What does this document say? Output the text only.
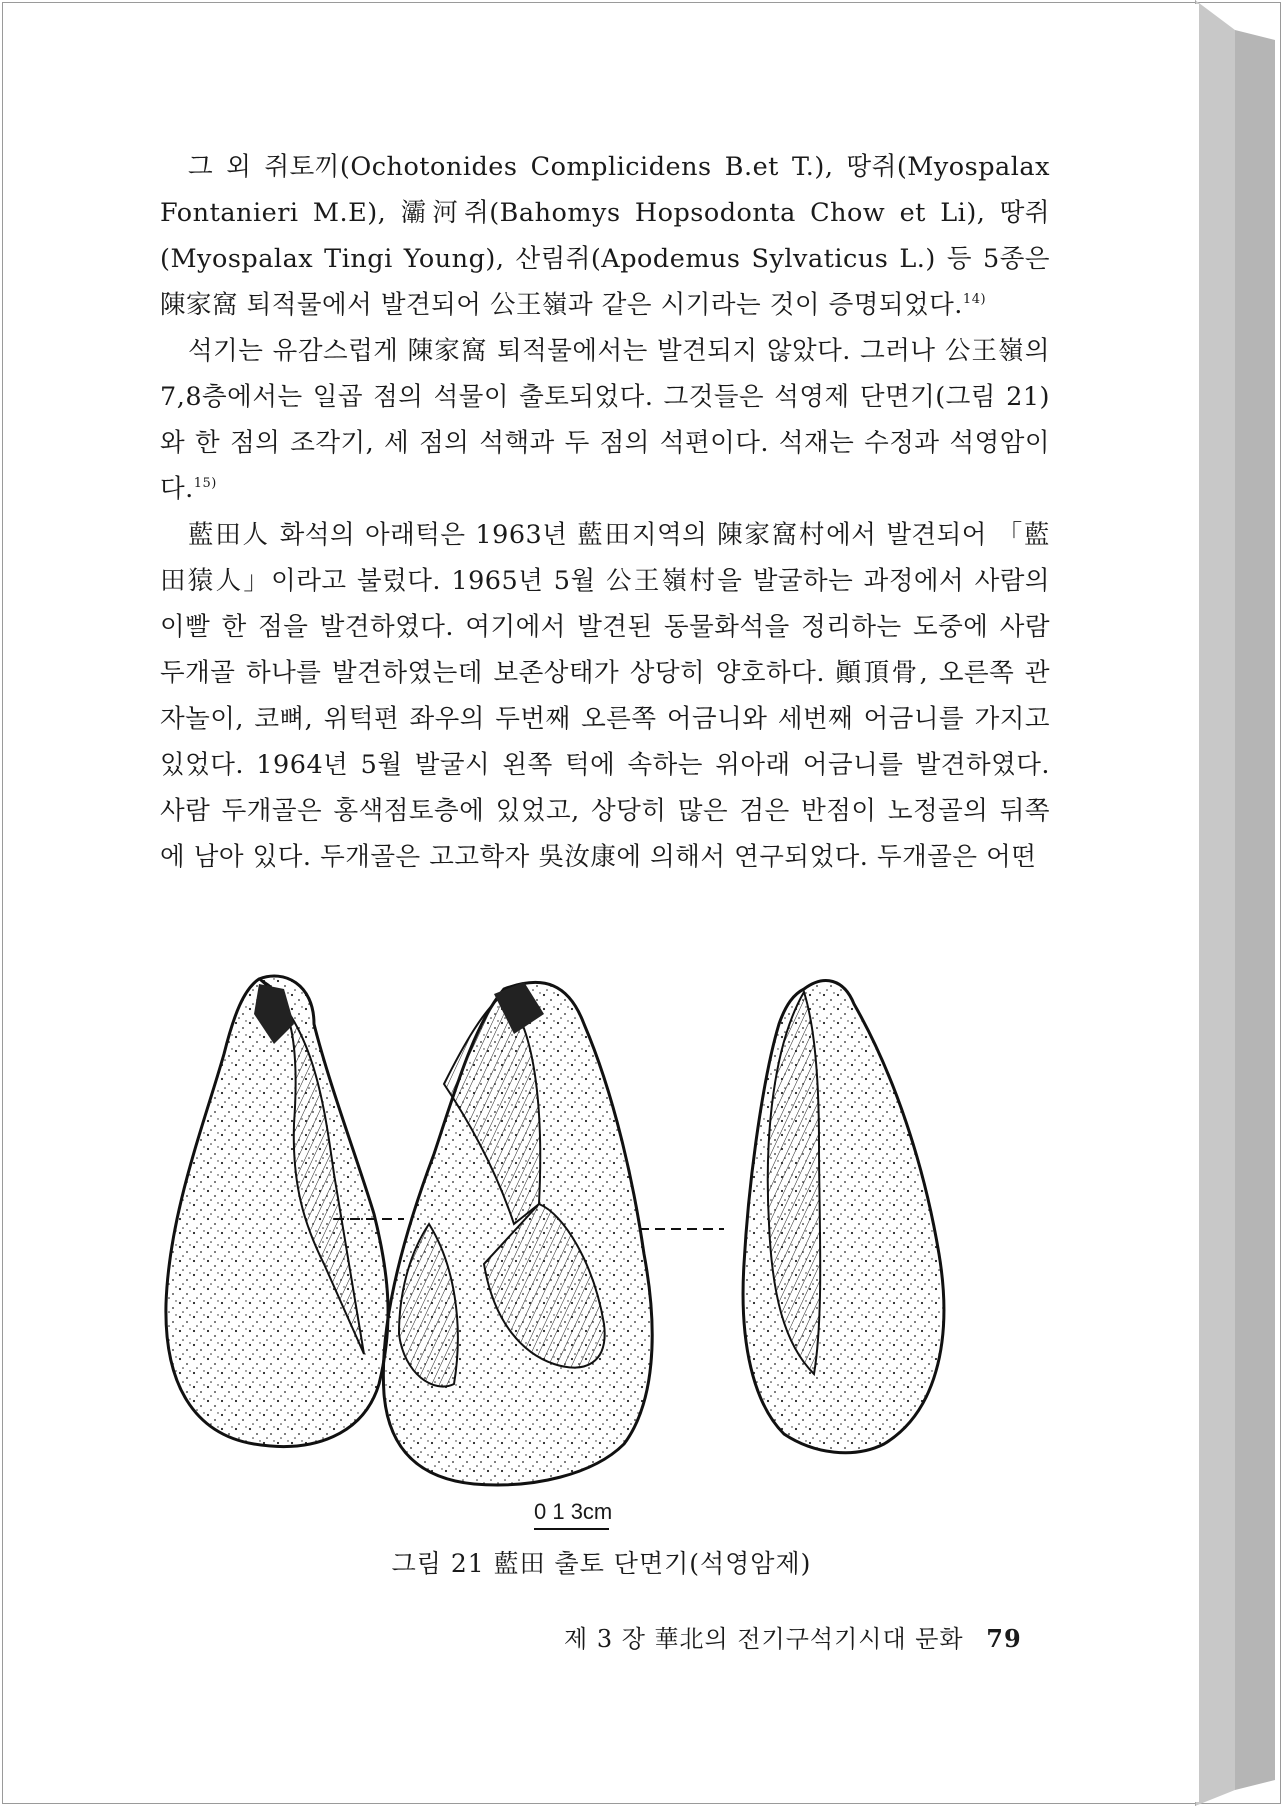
그 외 쥐토끼(Ochotonides Complicidens B.et T.), 땅쥐(Myospalax Fontanieri M.E), 灞河쥐(Bahomys Hopsodonta Chow et Li), 땅쥐(Myospalax Tingi Young), 산림쥐(Apodemus Sylvaticus L.) 등 5종은 陳家窩 퇴적물에서 발견되어 公王嶺과 같은 시기라는 것이 증명되었다.$^{14)}$

석기는 유감스럽게 陳家窩 퇴적물에서는 발견되지 않았다. 그러나 公王嶺의 7,8층에서는 일곱 점의 석물이 출토되었다. 그것들은 석영제 단면기(그림 21)와 한 점의 조각기, 세 점의 석핵과 두 점의 석편이다. 석재는 수정과 석영암이다.$^{15)}$

藍田人 화석의 아래턱은 1963년 藍田지역의 陳家窩村에서 발견되어 「藍田猿人」이라고 불렀다. 1965년 5월 公王嶺村을 발굴하는 과정에서 사람의 이빨 한 점을 발견하였다. 여기에서 발견된 동물화석을 정리하는 도중에 사람 두개골 하나를 발견하였는데 보존상태가 상당히 양호하다. 顚頂骨, 오른쪽 관자놀이, 코뼈, 위턱편 좌우의 두번째 오른쪽 어금니와 세번째 어금니를 가지고 있었다. 1964년 5월 발굴시 왼쪽 턱에 속하는 위아래 어금니를 발견하였다. 사람 두개골은 홍색점토층에 있었고, 상당히 많은 검은 반점이 노정골의 뒤쪽에 남아 있다. 두개골은 고고학자 吳汝康에 의해서 연구되었다. 두개골은 어떤

0 1 3cm
그림 21 藍田 출토 단면기(석영암제)
제 3 장 華北의 전기구석기시대 문화 79
